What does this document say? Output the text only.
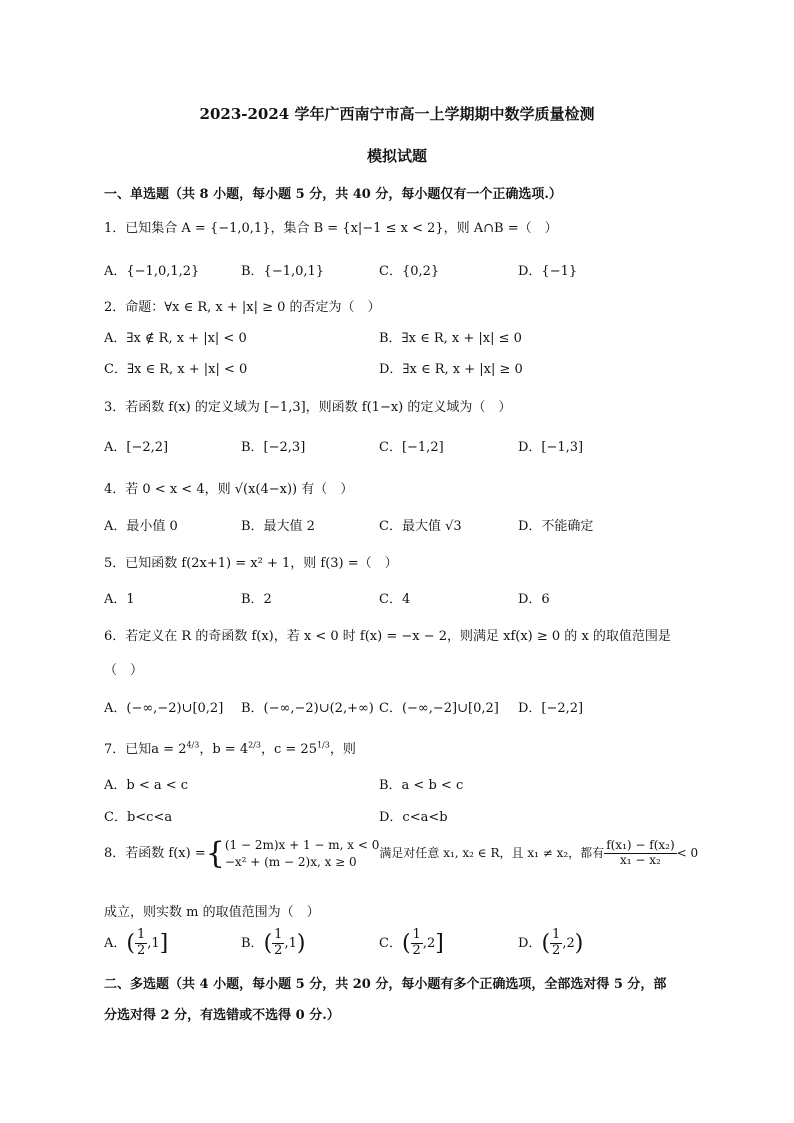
2023-2024 学年广西南宁市高一上学期期中数学质量检测
模拟试题
一、单选题（共 8 小题，每小题 5 分，共 40 分，每小题仅有一个正确选项.）
1．已知集合 A = {−1,0,1}，集合 B = {x|−1 ≤ x < 2}，则 A∩B =（　）
A．{−1,0,1,2}	B．{−1,0,1}	C．{0,2}	D．{−1}
2．命题：∀x ∈ R, x + |x| ≥ 0 的否定为（　）
A．∃x ∉ R, x + |x| < 0	B．∃x ∈ R, x + |x| ≤ 0
C．∃x ∈ R, x + |x| < 0	D．∃x ∈ R, x + |x| ≥ 0
3．若函数 f(x) 的定义域为 [−1,3]，则函数 f(1−x) 的定义域为（　）
A．[−2,2]	B．[−2,3]	C．[−1,2]	D．[−1,3]
4．若 0 < x < 4，则 √(x(4−x)) 有（　）
A．最小值 0	B．最大值 2	C．最大值 √3	D．不能确定
5．已知函数 f(2x+1) = x² + 1，则 f(3) =（　）
A．1	B．2	C．4	D．6
6．若定义在 R 的奇函数 f(x)，若 x < 0 时 f(x) = −x − 2，则满足 xf(x) ≥ 0 的 x 的取值范围是
（　）
A．(−∞,−2)∪[0,2] B．(−∞,−2)∪(2,+∞) C．(−∞,−2]∪[0,2] D．[−2,2]
7．已知$a = 2^{4/3}$，$b = 4^{2/3}$，$c = 25^{1/3}$，则
A．b < a < c	B．a < b < c
C．b<c<a	D．c<a<b
8．若函数 f(x) ={ (1 − 2m)x + 1 − m, x < 0
−x² + (m − 2)x, x ≥ 0
满足对任意 x₁, x₂ ∈ R，且 x₁ ≠ x₂，都有 $\frac{\text{f(x₁) − f(x₂)}}{\text{x₁ − x₂}} < 0$
成立，则实数 m 的取值范围为（　）
A．( $\frac{1}{2} ,1$]	B．( $\frac{1}{2} ,1$)	C．( $\frac{1}{2} ,2$]	D．( $\frac{1}{2} ,2$)
二、多选题（共 4 小题，每小题 5 分，共 20 分，每小题有多个正确选项，全部选对得 5 分，部
分选对得 2 分，有选错或不选得 0 分.）
